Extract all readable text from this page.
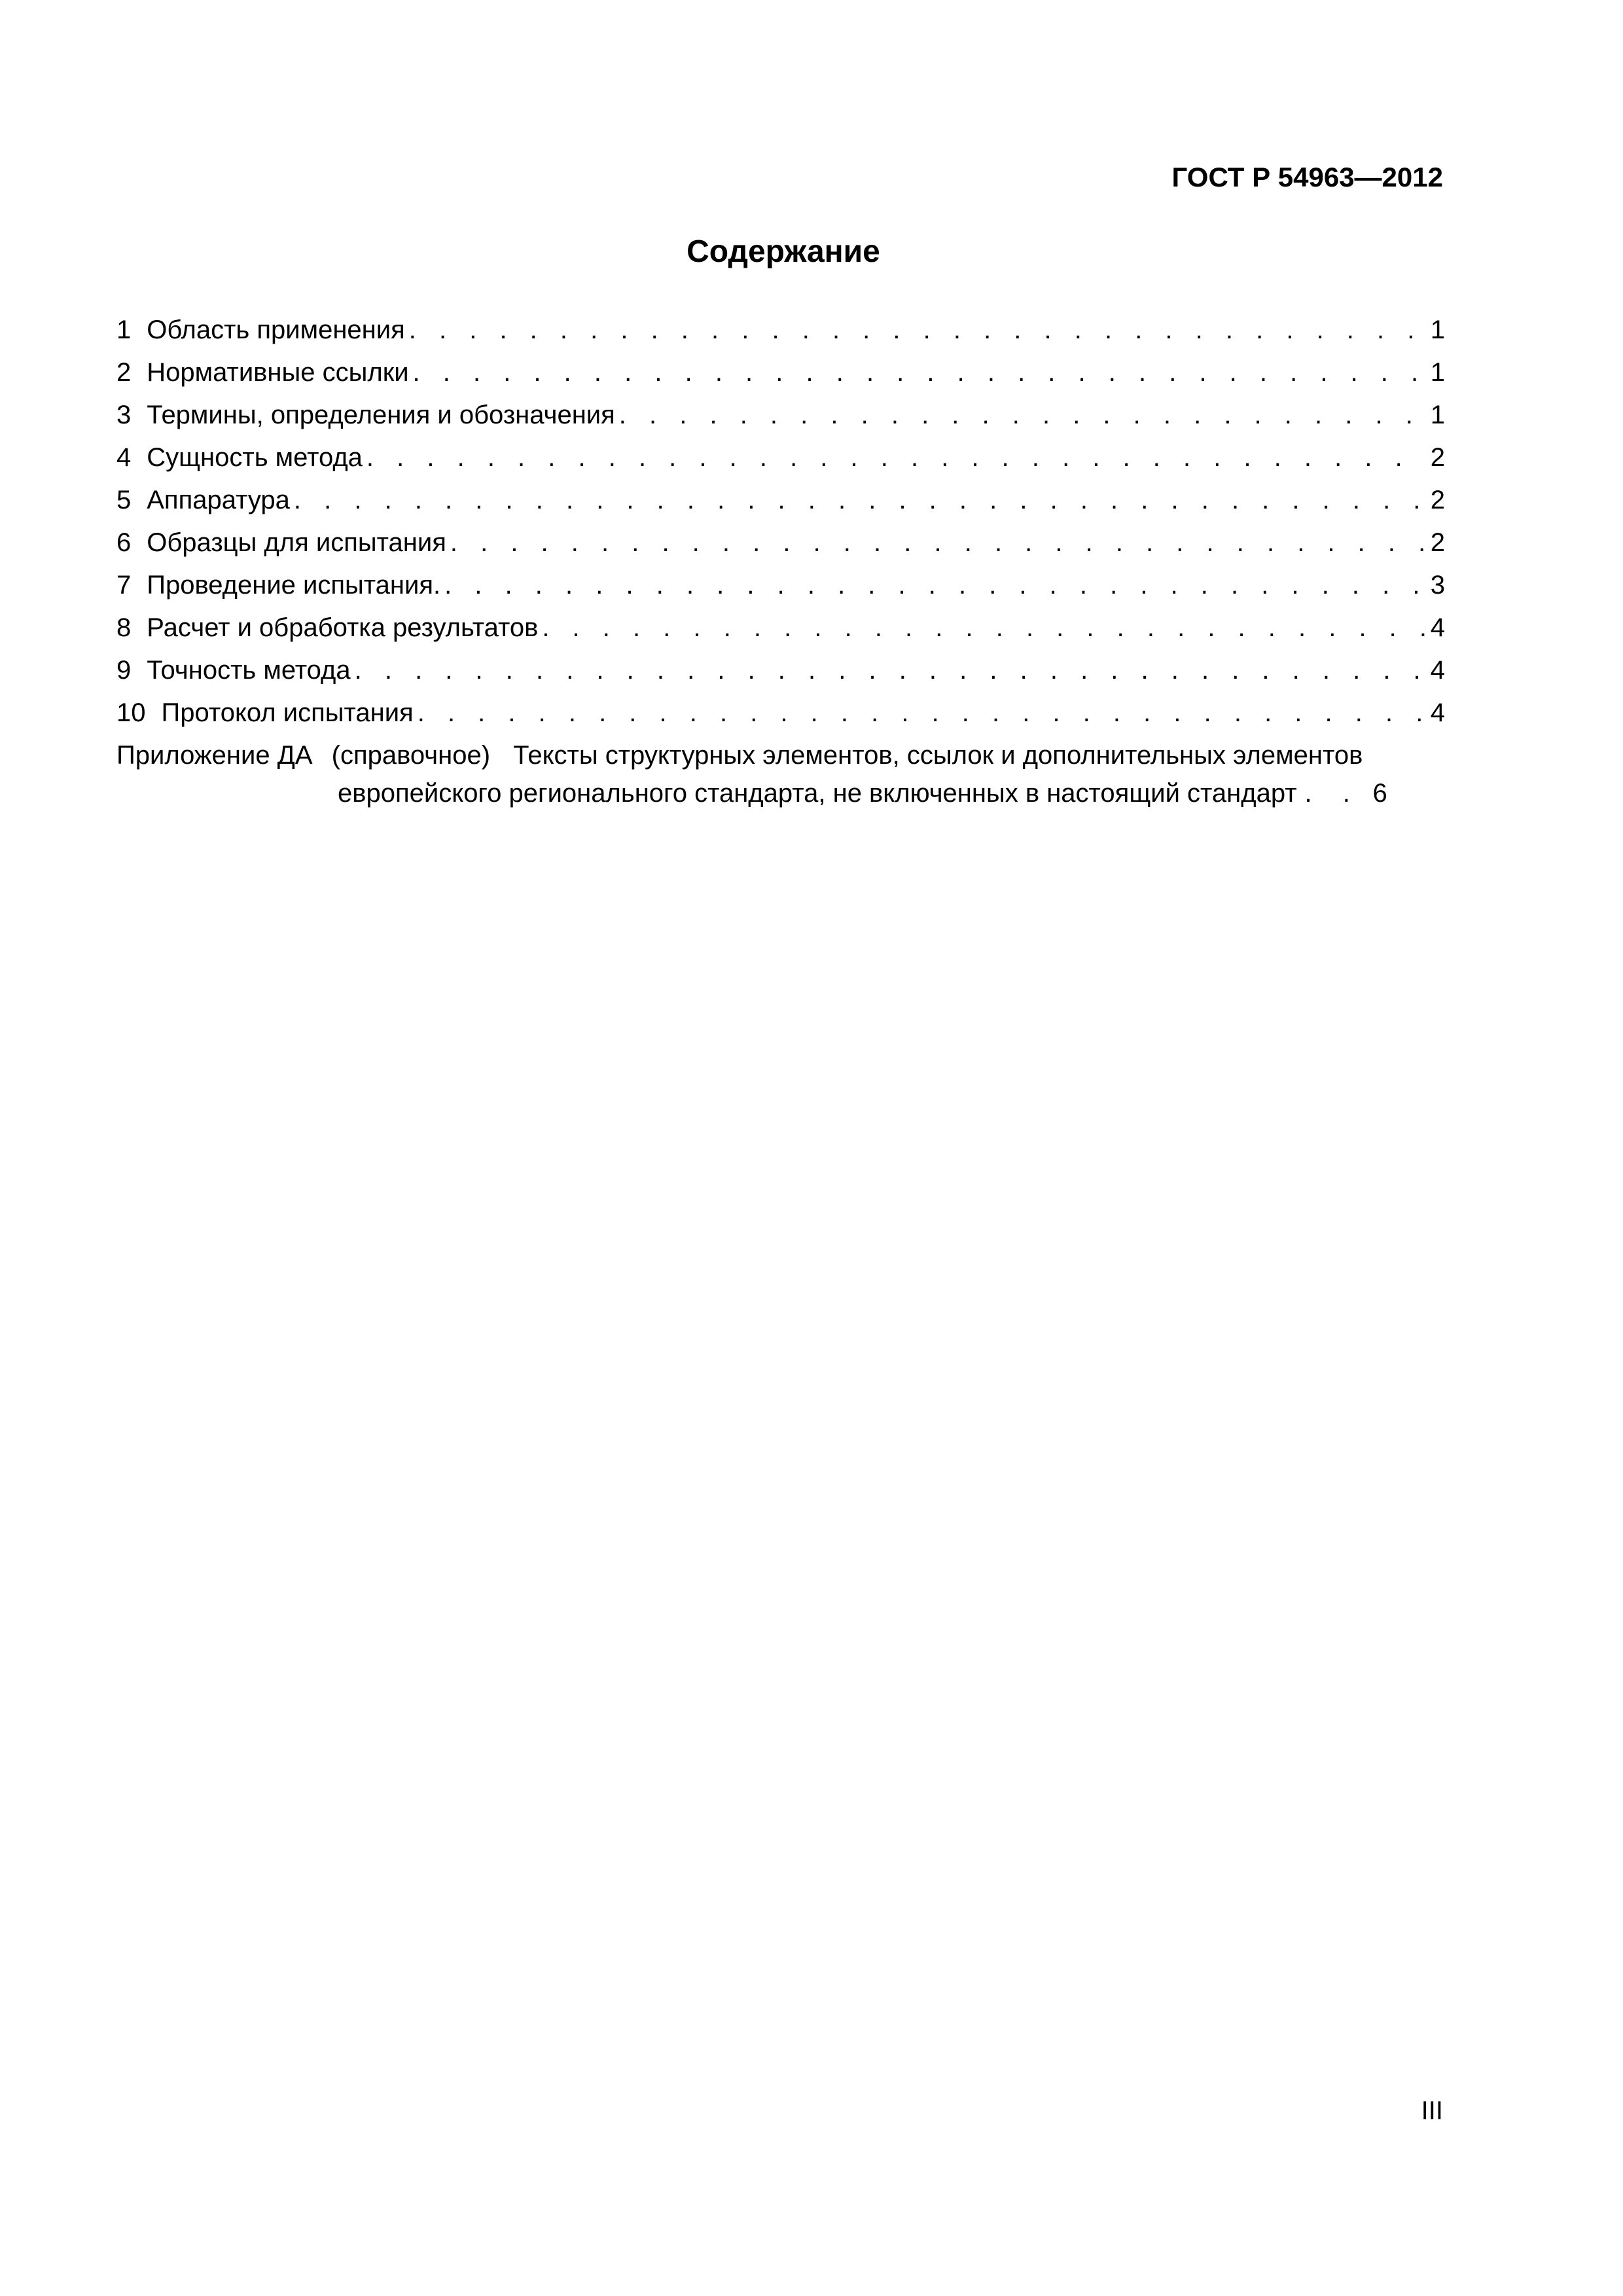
ГОСТ Р 54963—2012
Содержание
1 Область применения . . .	1
2 Нормативные ссылки . . .	1
3 Термины, определения и обозначения . . .	1
4 Сущность метода . . .	2
5 Аппаратура . . .	2
6 Образцы для испытания . . .	2
7 Проведение испытания. . . .	3
8 Расчет и обработка результатов . . .	4
9 Точность метода . . .	4
10 Протокол испытания . . .	4
Приложение ДА (справочное) Тексты структурных элементов, ссылок и дополнительных элементов
европейского регионального стандарта, не включенных в настоящий стандарт . . .	6
III
